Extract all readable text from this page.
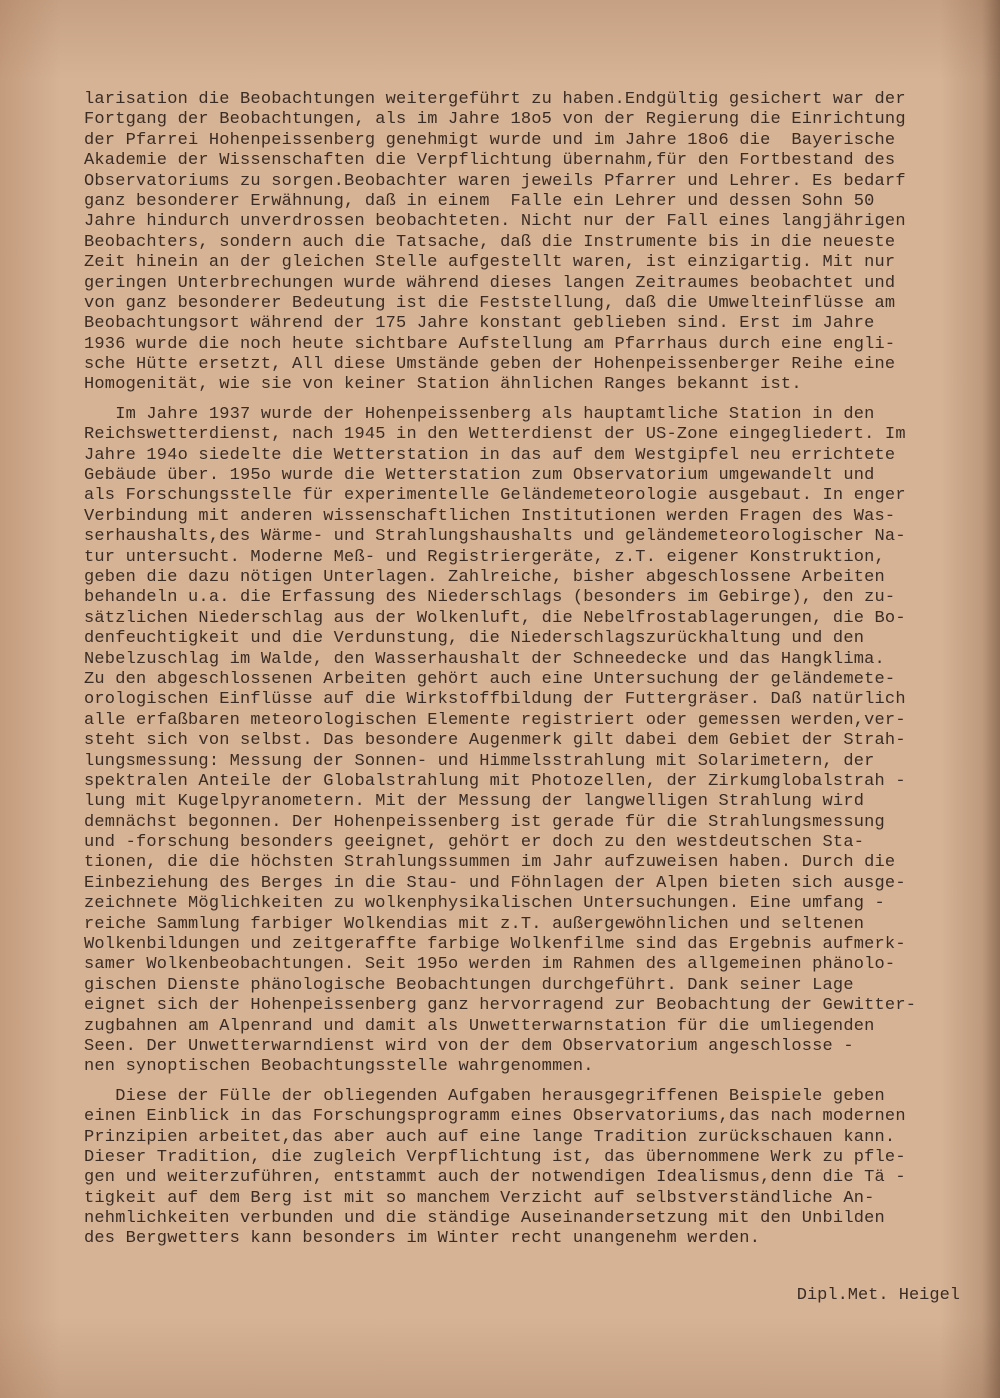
larisation die Beobachtungen weitergeführt zu haben.Endgültig gesichert war der
Fortgang der Beobachtungen, als im Jahre 18o5 von der Regierung die Einrichtung
der Pfarrei Hohenpeissenberg genehmigt wurde und im Jahre 18o6 die  Bayerische
Akademie der Wissenschaften die Verpflichtung übernahm,für den Fortbestand des
Observatoriums zu sorgen.Beobachter waren jeweils Pfarrer und Lehrer. Es bedarf
ganz besonderer Erwähnung, daß in einem  Falle ein Lehrer und dessen Sohn 50
Jahre hindurch unverdrossen beobachteten. Nicht nur der Fall eines langjährigen
Beobachters, sondern auch die Tatsache, daß die Instrumente bis in die neueste
Zeit hinein an der gleichen Stelle aufgestellt waren, ist einzigartig. Mit nur
geringen Unterbrechungen wurde während dieses langen Zeitraumes beobachtet und
von ganz besonderer Bedeutung ist die Feststellung, daß die Umwelteinflüsse am
Beobachtungsort während der 175 Jahre konstant geblieben sind. Erst im Jahre
1936 wurde die noch heute sichtbare Aufstellung am Pfarrhaus durch eine engli-
sche Hütte ersetzt, All diese Umstände geben der Hohenpeissenberger Reihe eine
Homogenität, wie sie von keiner Station ähnlichen Ranges bekannt ist.
Im Jahre 1937 wurde der Hohenpeissenberg als hauptamtliche Station in den
Reichswetterdienst, nach 1945 in den Wetterdienst der US-Zone eingegliedert. Im
Jahre 194o siedelte die Wetterstation in das auf dem Westgipfel neu errichtete
Gebäude über. 195o wurde die Wetterstation zum Observatorium umgewandelt und
als Forschungsstelle für experimentelle Geländemeteorologie ausgebaut. In enger
Verbindung mit anderen wissenschaftlichen Institutionen werden Fragen des Was-
serhaushalts,des Wärme- und Strahlungshaushalts und geländemeteorologischer Na-
tur untersucht. Moderne Meß- und Registriergeräte, z.T. eigener Konstruktion,
geben die dazu nötigen Unterlagen. Zahlreiche, bisher abgeschlossene Arbeiten
behandeln u.a. die Erfassung des Niederschlags (besonders im Gebirge), den zu-
sätzlichen Niederschlag aus der Wolkenluft, die Nebelfrostablagerungen, die Bo-
denfeuchtigkeit und die Verdunstung, die Niederschlagszurückhaltung und den
Nebelzuschlag im Walde, den Wasserhaushalt der Schneedecke und das Hangklima.
Zu den abgeschlossenen Arbeiten gehört auch eine Untersuchung der geländemete-
orologischen Einflüsse auf die Wirkstoffbildung der Futtergräser. Daß natürlich
alle erfaßbaren meteorologischen Elemente registriert oder gemessen werden,ver-
steht sich von selbst. Das besondere Augenmerk gilt dabei dem Gebiet der Strah-
lungsmessung: Messung der Sonnen- und Himmelsstrahlung mit Solarimetern, der
spektralen Anteile der Globalstrahlung mit Photozellen, der Zirkumglobalstrah -
lung mit Kugelpyranometern. Mit der Messung der langwelligen Strahlung wird
demnächst begonnen. Der Hohenpeissenberg ist gerade für die Strahlungsmessung
und -forschung besonders geeignet, gehört er doch zu den westdeutschen Sta-
tionen, die die höchsten Strahlungssummen im Jahr aufzuweisen haben. Durch die
Einbeziehung des Berges in die Stau- und Föhnlagen der Alpen bieten sich ausge-
zeichnete Möglichkeiten zu wolkenphysikalischen Untersuchungen. Eine umfang -
reiche Sammlung farbiger Wolkendias mit z.T. außergewöhnlichen und seltenen
Wolkenbildungen und zeitgeraffte farbige Wolkenfilme sind das Ergebnis aufmerk-
samer Wolkenbeobachtungen. Seit 195o werden im Rahmen des allgemeinen phänolo-
gischen Dienste phänologische Beobachtungen durchgeführt. Dank seiner Lage
eignet sich der Hohenpeissenberg ganz hervorragend zur Beobachtung der Gewitter-
zugbahnen am Alpenrand und damit als Unwetterwarnstation für die umliegenden
Seen. Der Unwetterwarndienst wird von der dem Observatorium angeschlosse -
nen synoptischen Beobachtungsstelle wahrgenommen.
Diese der Fülle der obliegenden Aufgaben herausgegriffenen Beispiele geben
einen Einblick in das Forschungsprogramm eines Observatoriums,das nach modernen
Prinzipien arbeitet,das aber auch auf eine lange Tradition zurückschauen kann.
Dieser Tradition, die zugleich Verpflichtung ist, das übernommene Werk zu pfle-
gen und weiterzuführen, entstammt auch der notwendigen Idealismus,denn die Tä -
tigkeit auf dem Berg ist mit so manchem Verzicht auf selbstverständliche An-
nehmlichkeiten verbunden und die ständige Auseinandersetzung mit den Unbilden
des Bergwetters kann besonders im Winter recht unangenehm werden.
Dipl.Met. Heigel
